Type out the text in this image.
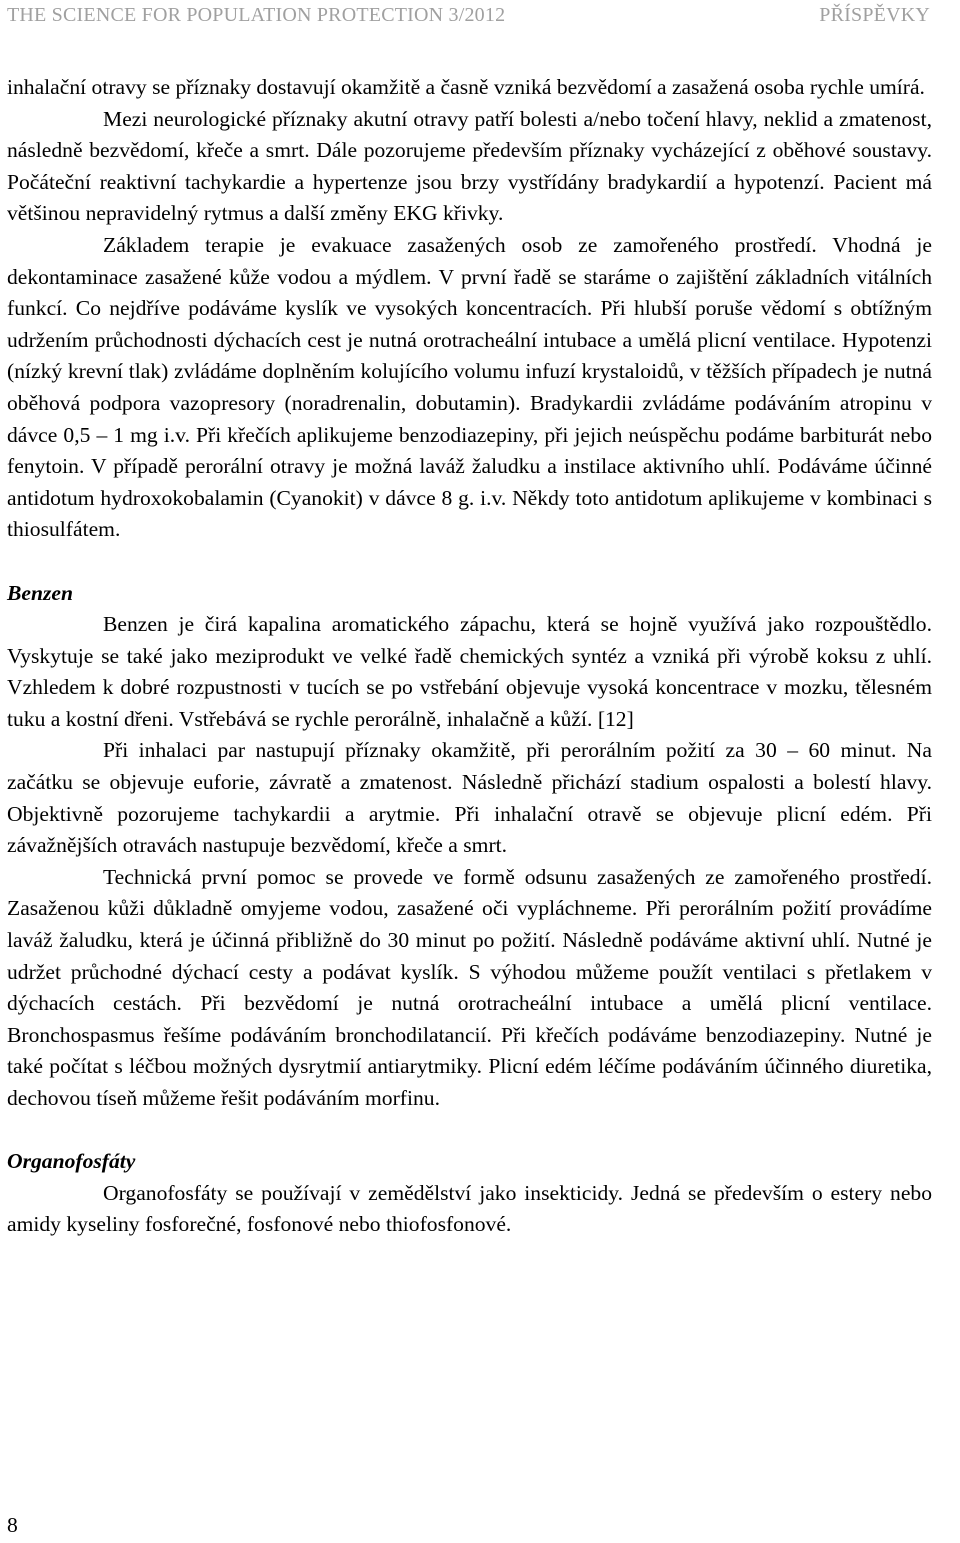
THE SCIENCE FOR POPULATION PROTECTION 3/2012	PŘÍSPĚVKY

inhalační otravy se příznaky dostavují okamžitě a časně vzniká bezvědomí a zasažená osoba rychle umírá.

Mezi neurologické příznaky akutní otravy patří bolesti a/nebo točení hlavy, neklid a zmatenost, následně bezvědomí, křeče a smrt. Dále pozorujeme především příznaky vycházející z oběhové soustavy. Počáteční reaktivní tachykardie a hypertenze jsou brzy vystřídány bradykardií a hypotenzí. Pacient má většinou nepravidelný rytmus a další změny EKG křivky.

Základem terapie je evakuace zasažených osob ze zamořeného prostředí. Vhodná je dekontaminace zasažené kůže vodou a mýdlem. V první řadě se staráme o zajištění základních vitálních funkcí. Co nejdříve podáváme kyslík ve vysokých koncentracích. Při hlubší poruše vědomí s obtížným udržením průchodnosti dýchacích cest je nutná orotracheální intubace a umělá plicní ventilace. Hypotenzi (nízký krevní tlak) zvládáme doplněním kolujícího volumu infuzí krystaloidů, v těžších případech je nutná oběhová podpora vazopresory (noradrenalin, dobutamin). Bradykardii zvládáme podáváním atropinu v dávce 0,5 – 1 mg i.v. Při křečích aplikujeme benzodiazepiny, při jejich neúspěchu podáme barbiturát nebo fenytoin. V případě perorální otravy je možná laváž žaludku a instilace aktivního uhlí. Podáváme účinné antidotum hydroxokobalamin (Cyanokit) v dávce 8 g. i.v. Někdy toto antidotum aplikujeme v kombinaci s thiosulfátem.

Benzen

Benzen je čirá kapalina aromatického zápachu, která se hojně využívá jako rozpouštědlo. Vyskytuje se také jako meziprodukt ve velké řadě chemických syntéz a vzniká při výrobě koksu z uhlí. Vzhledem k dobré rozpustnosti v tucích se po vstřebání objevuje vysoká koncentrace v mozku, tělesném tuku a kostní dřeni. Vstřebává se rychle perorálně, inhalačně a kůží. [12]

Při inhalaci par nastupují příznaky okamžitě, při perorálním požití za 30 – 60 minut. Na začátku se objevuje euforie, závratě a zmatenost. Následně přichází stadium ospalosti a bolestí hlavy. Objektivně pozorujeme tachykardii a arytmie. Při inhalační otravě se objevuje plicní edém. Při závažnějších otravách nastupuje bezvědomí, křeče a smrt.

Technická první pomoc se provede ve formě odsunu zasažených ze zamořeného prostředí. Zasaženou kůži důkladně omyjeme vodou, zasažené oči vypláchneme. Při perorálním požití provádíme laváž žaludku, která je účinná přibližně do 30 minut po požití. Následně podáváme aktivní uhlí. Nutné je udržet průchodné dýchací cesty a podávat kyslík. S výhodou můžeme použít ventilaci s přetlakem v dýchacích cestách. Při bezvědomí je nutná orotracheální intubace a umělá plicní ventilace. Bronchospasmus řešíme podáváním bronchodilatancií. Při křečích podáváme benzodiazepiny. Nutné je také počítat s léčbou možných dysrytmií antiarytmiky. Plicní edém léčíme podáváním účinného diuretika, dechovou tíseň můžeme řešit podáváním morfinu.

Organofosfáty

Organofosfáty se používají v zemědělství jako insekticidy. Jedná se především o estery nebo amidy kyseliny fosforečné, fosfonové nebo thiofosfonové.

8
